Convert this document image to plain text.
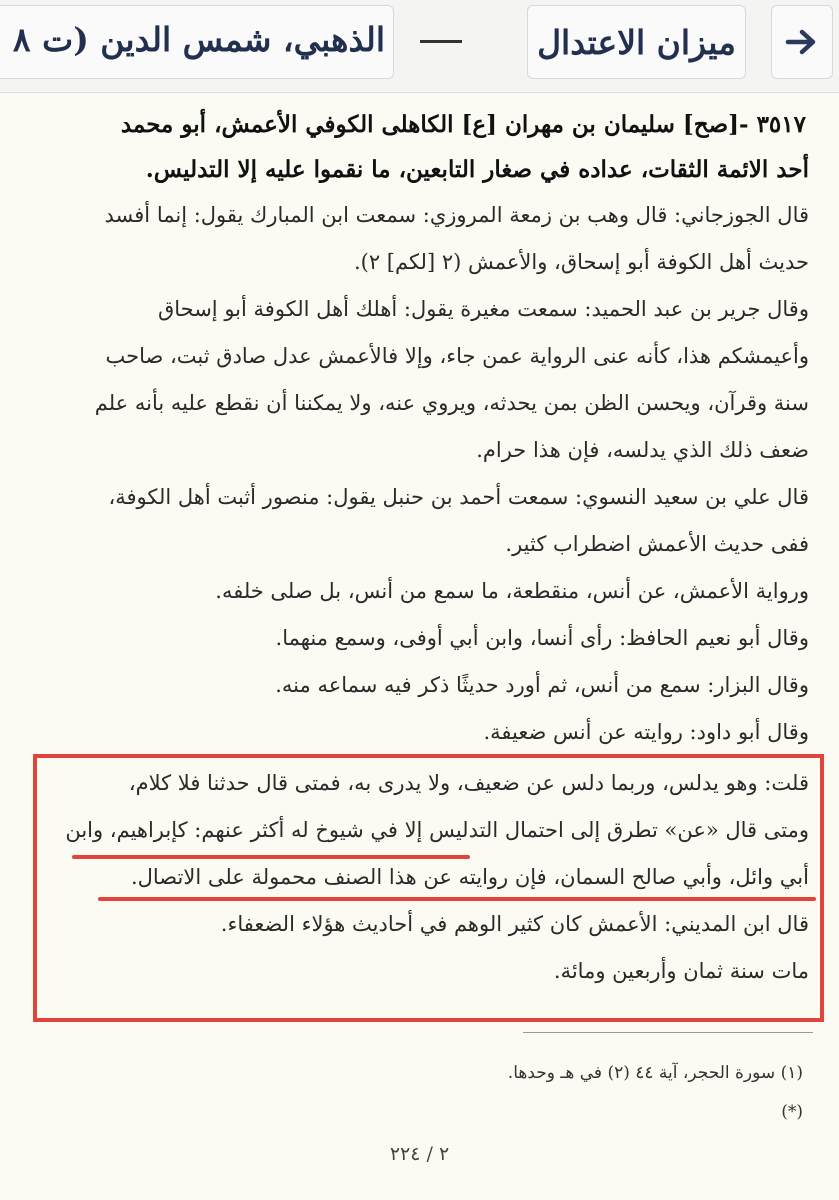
ميزان الاعتدال
الذهبي، شمس الدين (ت ٨
٣٥١٧ -[صح] سليمان بن مهران [ع] الكاهلى الكوفي الأعمش، أبو محمد
أحد الائمة الثقات، عداده في صغار التابعين، ما نقموا عليه إلا التدليس.
قال الجوزجاني: قال وهب بن زمعة المروزي: سمعت ابن المبارك يقول: إنما أفسد
حديث أهل الكوفة أبو إسحاق، والأعمش (٢ [لكم] ٢).
وقال جرير بن عبد الحميد: سمعت مغيرة يقول: أهلك أهل الكوفة أبو إسحاق
وأعيمشكم هذا، كأنه عنى الرواية عمن جاء، وإلا فالأعمش عدل صادق ثبت، صاحب
سنة وقرآن، ويحسن الظن بمن يحدثه، ويروي عنه، ولا يمكننا أن نقطع عليه بأنه علم
ضعف ذلك الذي يدلسه، فإن هذا حرام.
قال علي بن سعيد النسوي: سمعت أحمد بن حنبل يقول: منصور أثبت أهل الكوفة،
ففى حديث الأعمش اضطراب كثير.
ورواية الأعمش، عن أنس، منقطعة، ما سمع من أنس، بل صلى خلفه.
وقال أبو نعيم الحافظ: رأى أنسا، وابن أبي أوفى، وسمع منهما.
وقال البزار: سمع من أنس، ثم أورد حديثًا ذكر فيه سماعه منه.
وقال أبو داود: روايته عن أنس ضعيفة.
قلت: وهو يدلس، وربما دلس عن ضعيف، ولا يدرى به، فمتى قال حدثنا فلا كلام،
ومتى قال «عن» تطرق إلى احتمال التدليس إلا في شيوخ له أكثر عنهم: كإبراهيم، وابن
أبي وائل، وأبي صالح السمان، فإن روايته عن هذا الصنف محمولة على الاتصال.
قال ابن المديني: الأعمش كان كثير الوهم في أحاديث هؤلاء الضعفاء.
مات سنة ثمان وأربعين ومائة.
(١) سورة الحجر، آية ٤٤ (٢) في هـ وحدها.
(*)
٢ / ٢٢٤
